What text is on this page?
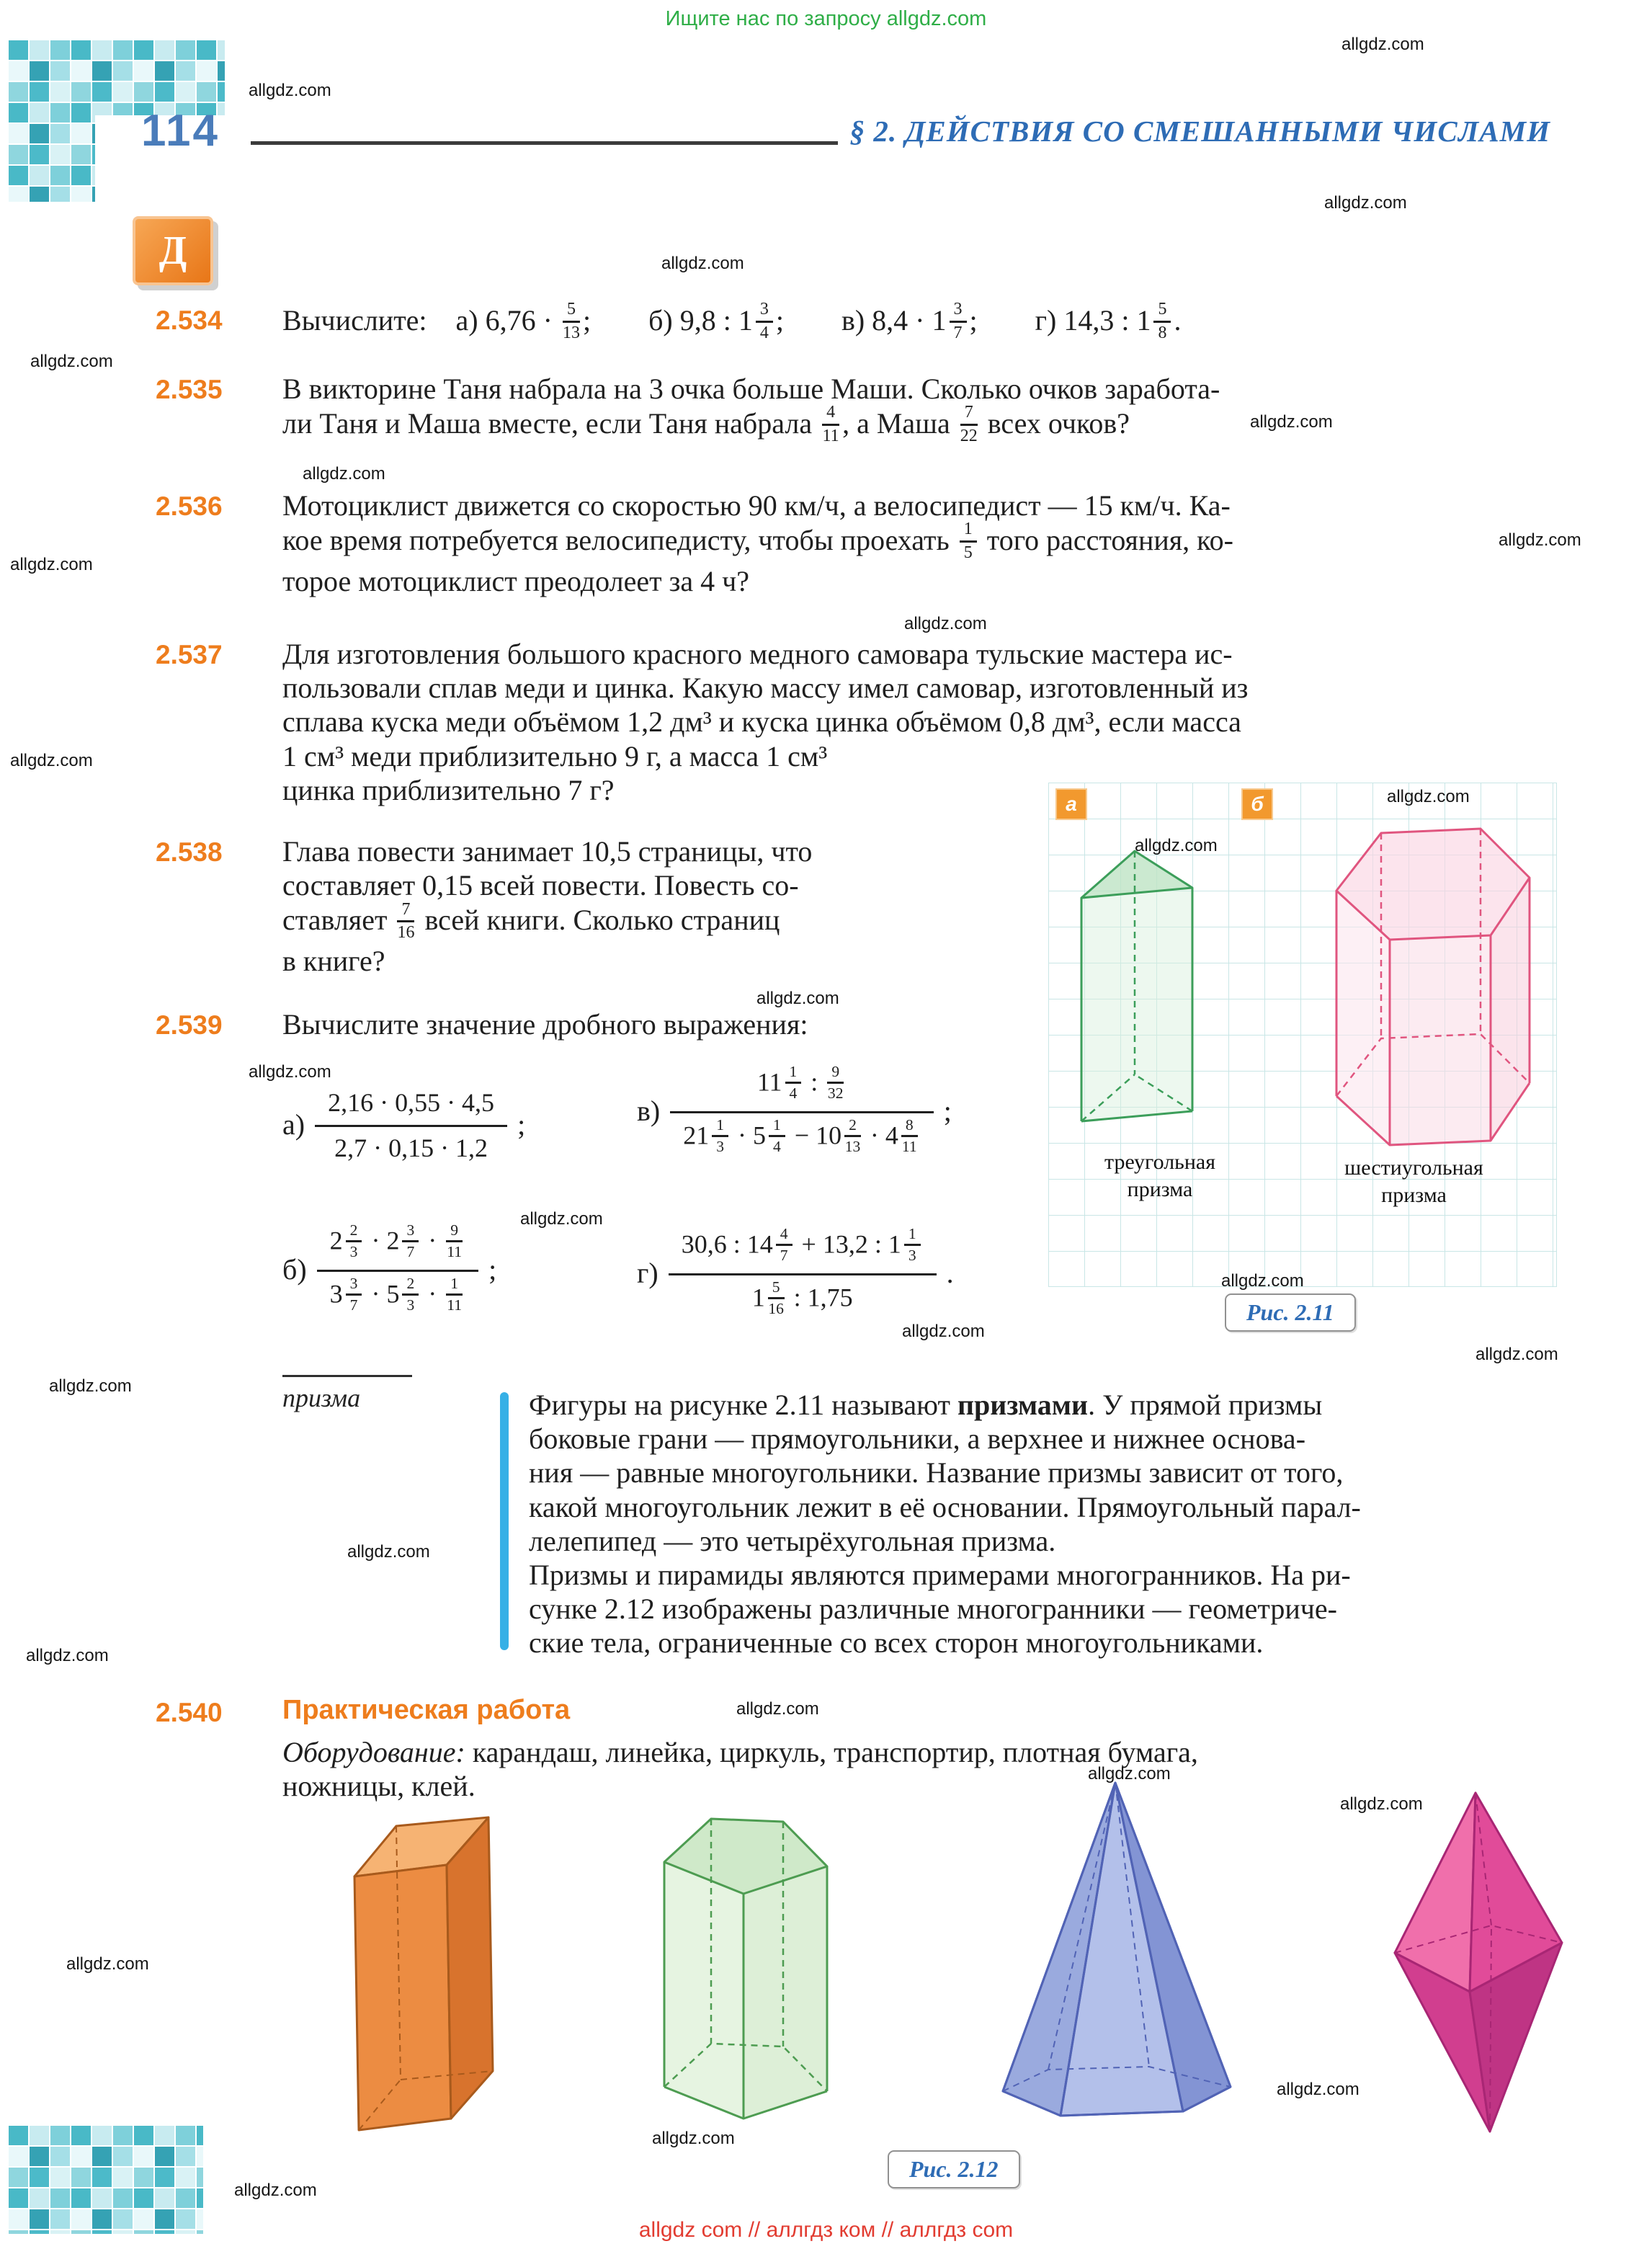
Ищите нас по запросу allgdz.com
114	§ 2. ДЕЙСТВИЯ СО СМЕШАННЫМИ ЧИСЛАМИ
Д
2.534	Вычислите: а) $6,76 \cdot \frac{5}{13}$ ;  б) 9,8 : $1 \frac{3}{4}$ ;  в) $8,4 \cdot 1 \frac{3}{7}$ ;  г) 14,3 : $1 \frac{5}{8}$ .
2.535	В викторине Таня набрала на 3 очка больше Маши. Сколько очков заработа-
ли Таня и Маша вместе, если Таня набрала $\frac{4}{11}$ , а Маша $\frac{7}{22}$ всех очков?
2.536	Мотоциклист движется со скоростью 90 км/ч, а велосипедист — 15 км/ч. Ка-
кое время потребуется велосипедисту, чтобы проехать $\frac{1}{5}$ того расстояния, ко-
торое мотоциклист преодолеет за 4 ч?
2.537	Для изготовления большого красного медного самовара тульские мастера ис-
пользовали сплав меди и цинка. Какую массу имел самовар, изготовленный из
сплава куска меди объёмом 1,2 дм³ и куска цинка объёмом 0,8 дм³, если масса
1 см³ меди приблизительно 9 г, а масса 1 см³
цинка приблизительно 7 г?
2.538	Глава повести занимает 10,5 страницы, что
составляет 0,15 всей повести. Повесть со-
ставляет $\frac{7}{16}$ всей книги. Сколько страниц
в книге?
2.539	Вычислите значение дробного выражения:
$а) \frac{2,16 \cdot 0,55 \cdot 4,5}{2,7 \cdot 0,15 \cdot 1,2}$ ;	$в) \frac{11 \frac{1}{4} : \frac{9}{32}}{21 \frac{1}{3} \cdot 5 \frac{1}{4} - 10 \frac{2}{13} \cdot 4 \frac{8}{11}}$ ;
$б) \frac{2 \frac{2}{3} \cdot 2 \frac{3}{7} \cdot \frac{9}{11}}{3 \frac{3}{7} \cdot 5 \frac{2}{3} \cdot \frac{1}{11}}$ ;	$г) \frac{30,6 : 14 \frac{4}{7} + 13,2 : 1 \frac{1}{3}}{1 \frac{5}{16} : 1,75}$ .
а	б
треугольная
призма
шестиугольная
призма
Рис. 2.11
призма	Фигуры на рисунке 2.11 называют призмами. У прямой призмы
боковые грани — прямоугольники, а верхнее и нижнее основа-
ния — равные многоугольники. Название призмы зависит от того,
какой многоугольник лежит в её основании. Прямоугольный парал-
лелепипед — это четырёхугольная призма.
Призмы и пирамиды являются примерами многогранников. На ри-
сунке 2.12 изображены различные многогранники — геометриче-
ские тела, ограниченные со всех сторон многоугольниками.
2.540	Практическая работа
Оборудование: карандаш, линейка, циркуль, транспортир, плотная бумага,
ножницы, клей.
Рис. 2.12
allgdz com // аллгдз ком // аллгдз com
allgdz.com
allgdz.com
allgdz.com
allgdz.com
allgdz.com
allgdz.com
allgdz.com
allgdz.com
allgdz.com
allgdz.com
allgdz.com
allgdz.com
allgdz.com
allgdz.com
allgdz.com
allgdz.com
allgdz.com
allgdz.com
allgdz.com
allgdz.com
allgdz.com
allgdz.com
allgdz.com
allgdz.com
allgdz.com
allgdz.com
allgdz.com
allgdz.com
allgdz.com
